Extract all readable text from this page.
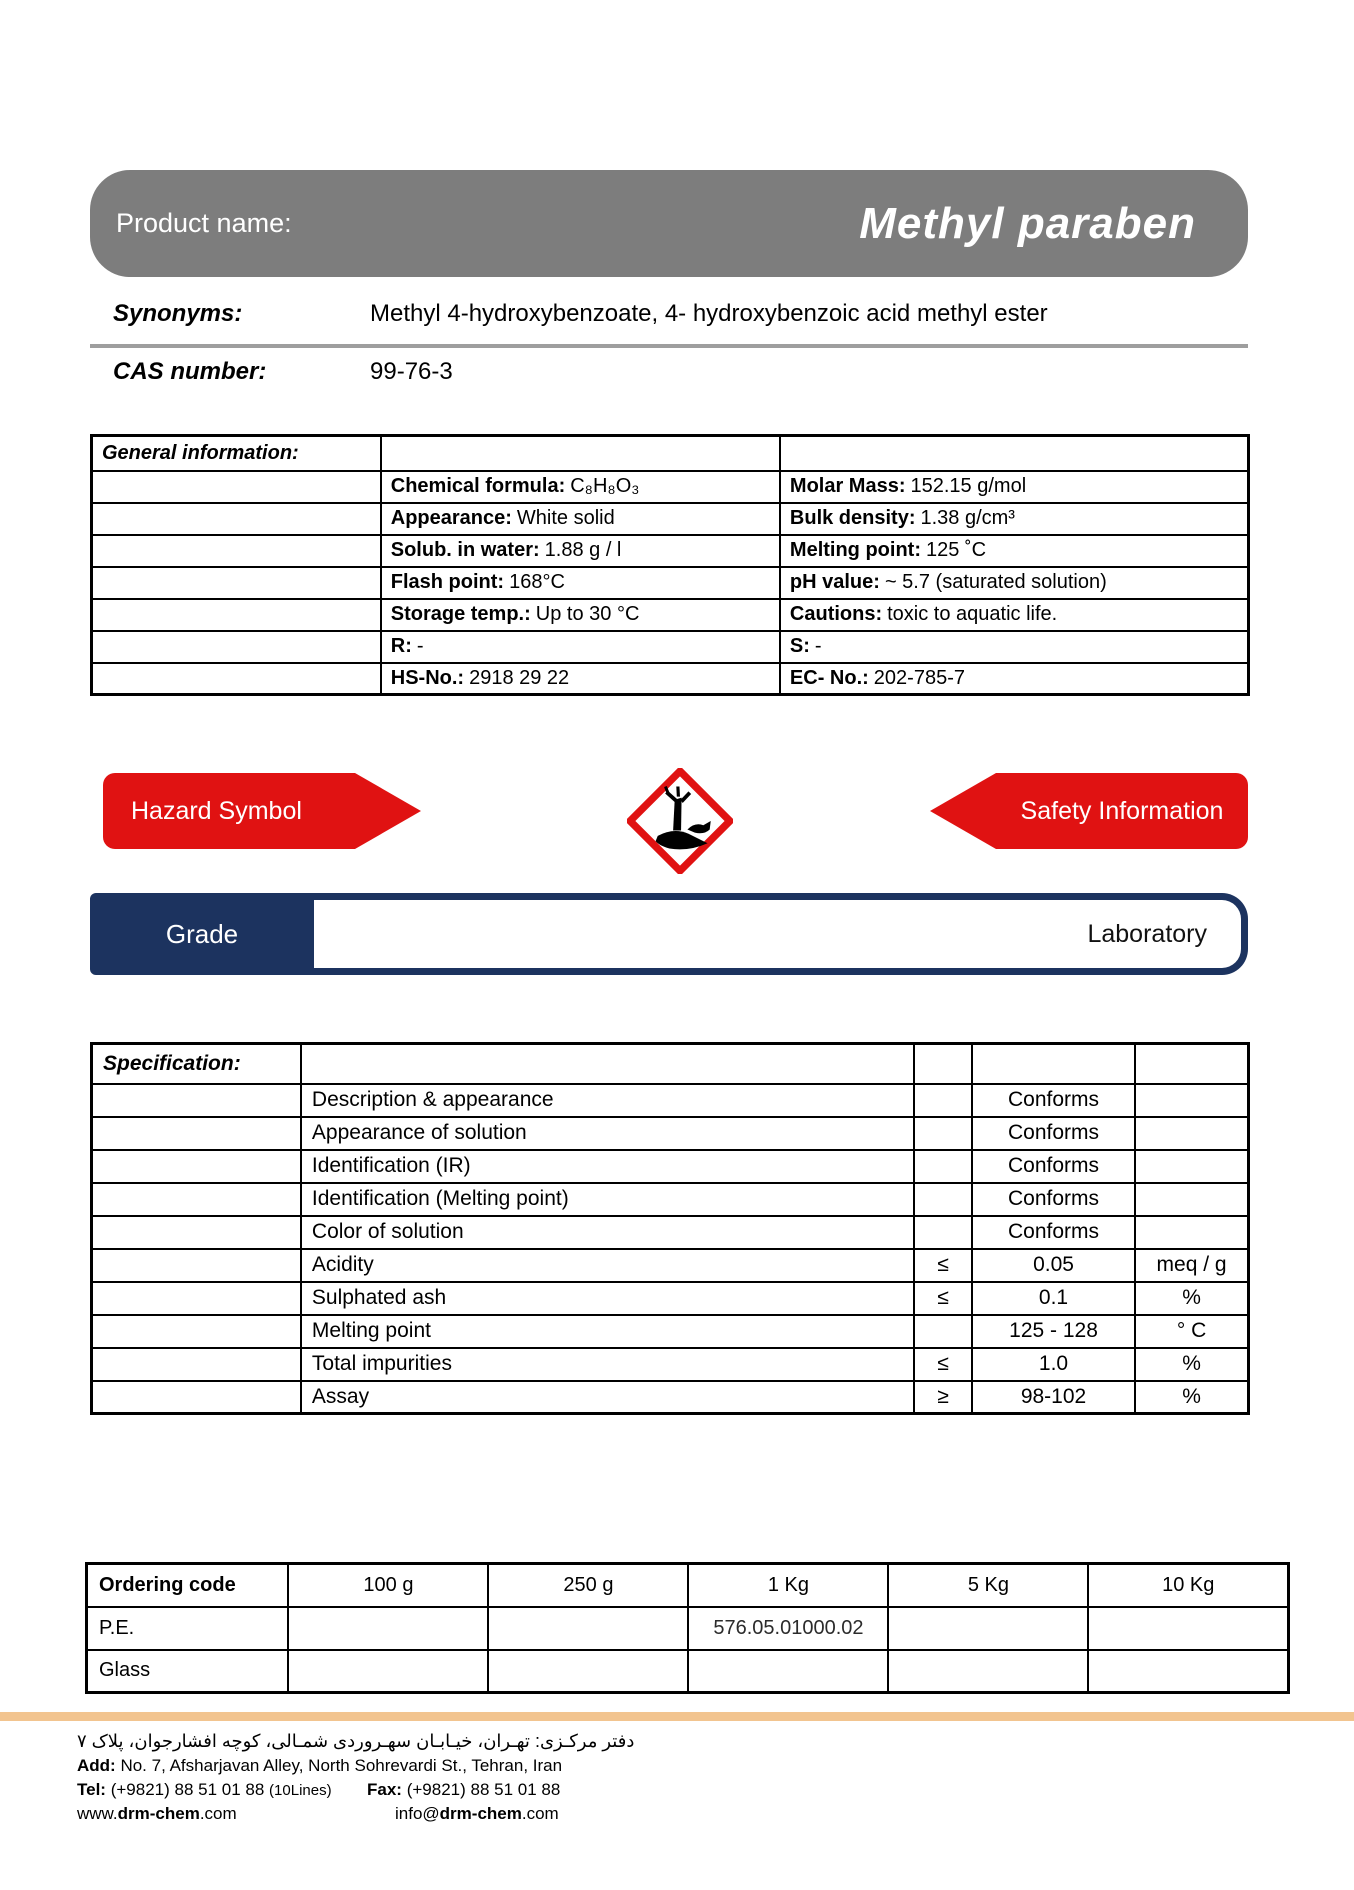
Product name:	Methyl paraben
Synonyms:	Methyl 4-hydroxybenzoate, 4- hydroxybenzoic acid methyl ester
CAS number:	99-76-3
General information:		
	Chemical formula: C₈H₈O₃	Molar Mass: 152.15 g/mol
	Appearance: White solid	Bulk density: 1.38 g/cm³
	Solub. in water: 1.88 g / l	Melting point: 125 ˚C
	Flash point: 168°C	pH value: ~ 5.7 (saturated solution)
	Storage temp.: Up to 30 °C	Cautions: toxic to aquatic life.
	R: -	S: -
	HS-No.: 2918 29 22	EC- No.: 202-785-7
Hazard Symbol	Safety Information
Laboratory
Grade
Specification:				
	Description & appearance		Conforms	
	Appearance of solution		Conforms	
	Identification (IR)		Conforms	
	Identification (Melting point)		Conforms	
	Color of solution		Conforms	
	Acidity	≤	0.05	meq / g
	Sulphated ash	≤	0.1	%
	Melting point		125 - 128	° C
	Total impurities	≤	1.0	%
	Assay	≥	98-102	%
Ordering code	100 g	250 g	1 Kg	5 Kg	10 Kg
P.E.			576.05.01000.02		
Glass					
دفتر مرکـزی: تهـران، خیـابـان سهـروردی شمـالی، کوچه افشارجوان، پلاک ۷
Add: No. 7, Afsharjavan Alley, North Sohrevardi St., Tehran, Iran
Tel: (+9821) 88 51 01 88 (10Lines) Fax: (+9821) 88 51 01 88
www.drm-chem.com	info@drm-chem.com
